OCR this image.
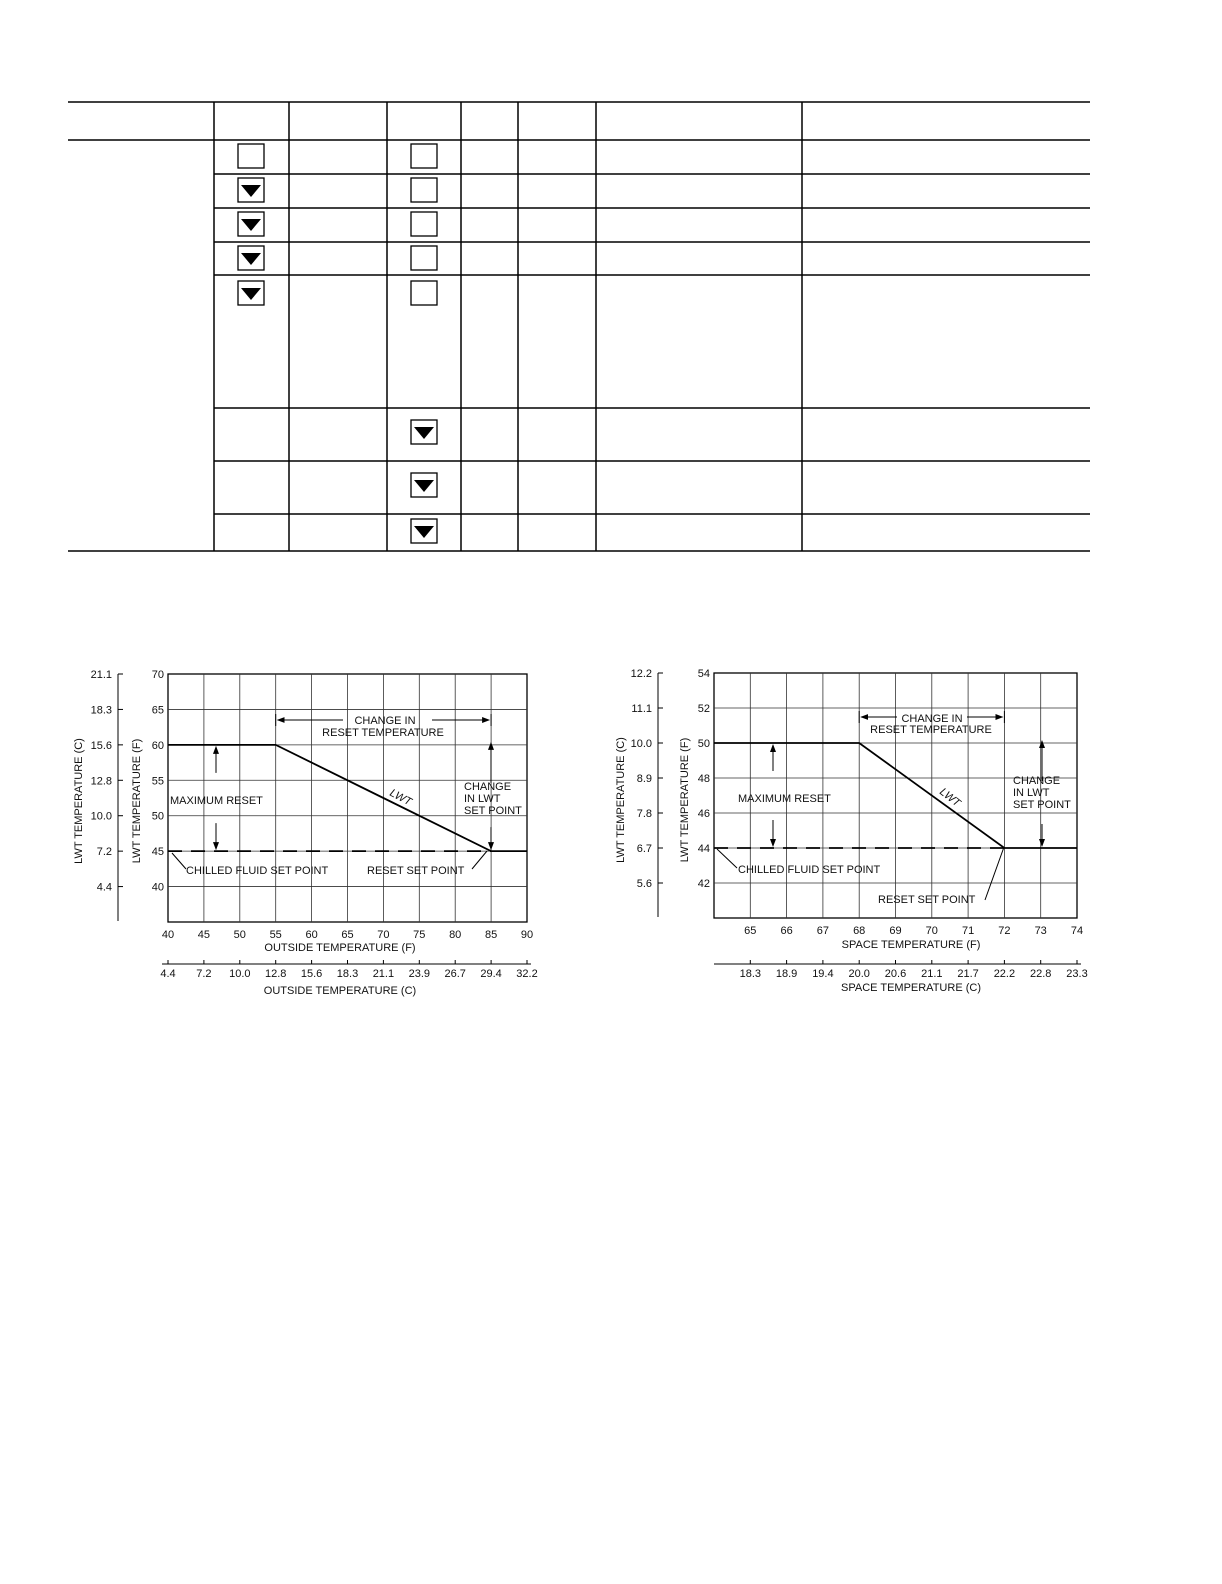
40 45 50 55 60 65 70 75 80 85 90
4.4 7.2 10.0 12.8 15.6 18.3 21.1 23.9 26.7 29.4 32.2
40
45
50
55
60
65
70
4.4
7.2
10.0
12.8
15.6
18.3
21.1
OUTSIDE TEMPERATURE (F)
OUTSIDE TEMPERATURE (C)
LWT TEMPERATURE (F)
LWT TEMPERATURE (C)
CHANGE IN
RESET TEMPERATURE
MAXIMUM RESET
CHANGE
IN LWT
SET POINT
CHILLED FLUID SET POINT	RESET SET POINT
LWT
65 66 67 68 69 70 71 72 73 74
18.3 18.9 19.4 20.0 20.6 21.1 21.7 22.2 22.8 23.3
42
44
46
48
50
52
54
5.6
6.7
7.8
8.9
10.0
11.1
12.2
SPACE TEMPERATURE (F)
SPACE TEMPERATURE (C)
LWT TEMPERATURE (F)
LWT TEMPERATURE (C)
CHANGE IN
RESET TEMPERATURE
MAXIMUM RESET
CHANGE
IN LWT
SET POINT
CHILLED FLUID SET POINT
RESET SET POINT
LWT
